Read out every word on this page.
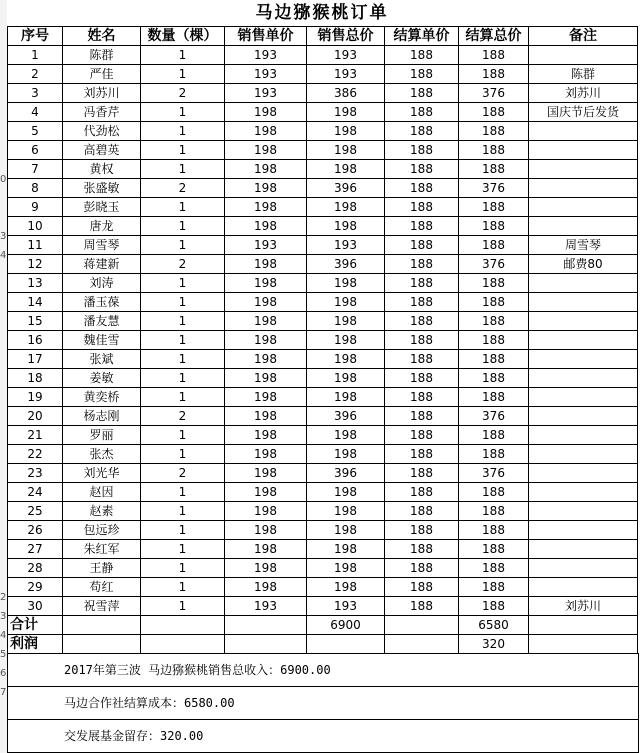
0
3
4
2
3
4
5
6
7
马边猕猴桃订单
序号	姓名	数量（棵）	销售单价	销售总价	结算单价	结算总价	备注
1	陈群	1	193	193	188	188	
2	严佳	1	193	193	188	188	陈群
3	刘苏川	2	193	386	188	376	刘苏川
4	冯香芹	1	198	198	188	188	国庆节后发货
5	代劲松	1	198	198	188	188	
6	高碧英	1	198	198	188	188	
7	黄权	1	198	198	188	188	
8	张盛敏	2	198	396	188	376	
9	彭晓玉	1	198	198	188	188	
10	唐龙	1	198	198	188	188	
11	周雪琴	1	193	193	188	188	周雪琴
12	蒋建新	2	198	396	188	376	邮费80
13	刘涛	1	198	198	188	188	
14	潘玉葆	1	198	198	188	188	
15	潘友慧	1	198	198	188	188	
16	魏佳雪	1	198	198	188	188	
17	张斌	1	198	198	188	188	
18	姜敏	1	198	198	188	188	
19	黄奕桥	1	198	198	188	188	
20	杨志刚	2	198	396	188	376	
21	罗丽	1	198	198	188	188	
22	张杰	1	198	198	188	188	
23	刘光华	2	198	396	188	376	
24	赵因	1	198	198	188	188	
25	赵素	1	198	198	188	188	
26	包远珍	1	198	198	188	188	
27	朱红军	1	198	198	188	188	
28	王静	1	198	198	188	188	
29	苟红	1	198	198	188	188	
30	祝雪萍	1	193	193	188	188	刘苏川
合计				6900		6580	
利润						320	
2017年第三波 马边猕猴桃销售总收入：6900.00
马边合作社结算成本：6580.00
交发展基金留存：320.00
